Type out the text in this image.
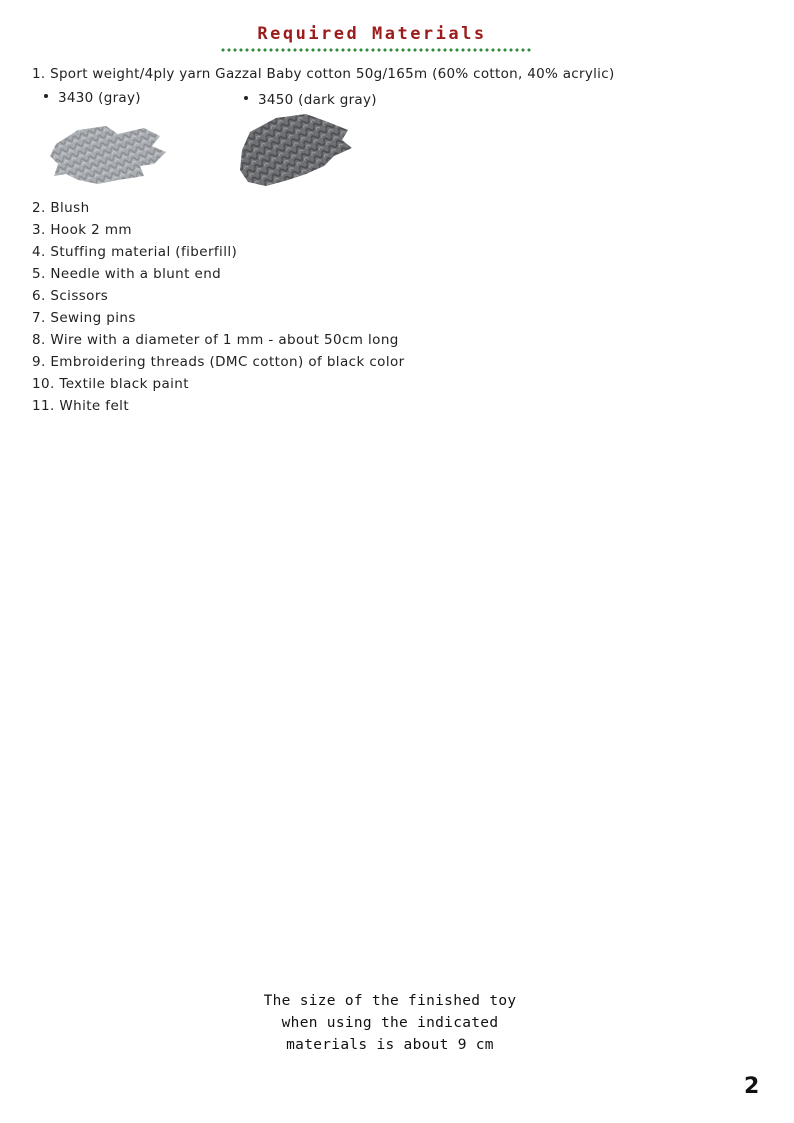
Required Materials
1. Sport weight/4ply yarn Gazzal Baby cotton 50g/165m (60% cotton, 40% acrylic)
3430 (gray)	3450 (dark gray)
2. Blush
3. Hook 2 mm
4. Stuffing material (fiberfill)
5. Needle with a blunt end
6. Scissors
7. Sewing pins
8. Wire with a diameter of 1 mm - about 50cm long
9. Embroidering threads (DMC cotton) of black color
10. Textile black paint
11. White felt
The size of the finished toy
when using the indicated
materials is about 9 cm
2
